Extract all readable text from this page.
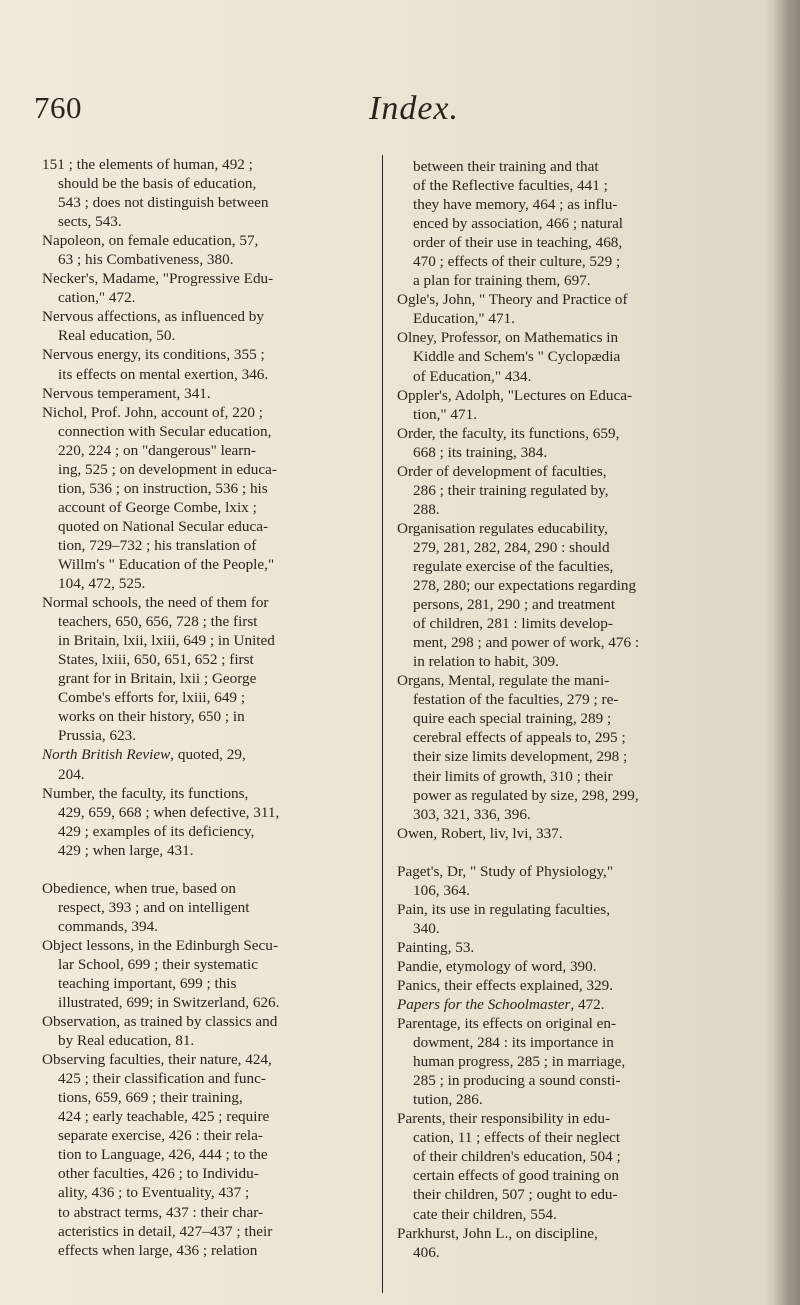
760	Index.
151 ; the elements of human, 492 ;
should be the basis of education,
543 ; does not distinguish between
sects, 543.
Napoleon, on female education, 57,
63 ; his Combativeness, 380.
Necker's, Madame, "Progressive Edu-
cation," 472.
Nervous affections, as influenced by
Real education, 50.
Nervous energy, its conditions, 355 ;
its effects on mental exertion, 346.
Nervous temperament, 341.
Nichol, Prof. John, account of, 220 ;
connection with Secular education,
220, 224 ; on "dangerous" learn-
ing, 525 ; on development in educa-
tion, 536 ; on instruction, 536 ; his
account of George Combe, lxix ;
quoted on National Secular educa-
tion, 729–732 ; his translation of
Willm's " Education of the People,"
104, 472, 525.
Normal schools, the need of them for
teachers, 650, 656, 728 ; the first
in Britain, lxii, lxiii, 649 ; in United
States, lxiii, 650, 651, 652 ; first
grant for in Britain, lxii ; George
Combe's efforts for, lxiii, 649 ;
works on their history, 650 ; in
Prussia, 623.
North British Review, quoted, 29,
204.
Number, the faculty, its functions,
429, 659, 668 ; when defective, 311,
429 ; examples of its deficiency,
429 ; when large, 431.
Obedience, when true, based on
respect, 393 ; and on intelligent
commands, 394.
Object lessons, in the Edinburgh Secu-
lar School, 699 ; their systematic
teaching important, 699 ; this
illustrated, 699; in Switzerland, 626.
Observation, as trained by classics and
by Real education, 81.
Observing faculties, their nature, 424,
425 ; their classification and func-
tions, 659, 669 ; their training,
424 ; early teachable, 425 ; require
separate exercise, 426 : their rela-
tion to Language, 426, 444 ; to the
other faculties, 426 ; to Individu-
ality, 436 ; to Eventuality, 437 ;
to abstract terms, 437 : their char-
acteristics in detail, 427–437 ; their
effects when large, 436 ; relation
between their training and that
of the Reflective faculties, 441 ;
they have memory, 464 ; as influ-
enced by association, 466 ; natural
order of their use in teaching, 468,
470 ; effects of their culture, 529 ;
a plan for training them, 697.
Ogle's, John, " Theory and Practice of
Education," 471.
Olney, Professor, on Mathematics in
Kiddle and Schem's " Cyclopædia
of Education," 434.
Oppler's, Adolph, "Lectures on Educa-
tion," 471.
Order, the faculty, its functions, 659,
668 ; its training, 384.
Order of development of faculties,
286 ; their training regulated by,
288.
Organisation regulates educability,
279, 281, 282, 284, 290 : should
regulate exercise of the faculties,
278, 280; our expectations regarding
persons, 281, 290 ; and treatment
of children, 281 : limits develop-
ment, 298 ; and power of work, 476 :
in relation to habit, 309.
Organs, Mental, regulate the mani-
festation of the faculties, 279 ; re-
quire each special training, 289 ;
cerebral effects of appeals to, 295 ;
their size limits development, 298 ;
their limits of growth, 310 ; their
power as regulated by size, 298, 299,
303, 321, 336, 396.
Owen, Robert, liv, lvi, 337.
Paget's, Dr, " Study of Physiology,"
106, 364.
Pain, its use in regulating faculties,
340.
Painting, 53.
Pandie, etymology of word, 390.
Panics, their effects explained, 329.
Papers for the Schoolmaster, 472.
Parentage, its effects on original en-
dowment, 284 : its importance in
human progress, 285 ; in marriage,
285 ; in producing a sound consti-
tution, 286.
Parents, their responsibility in edu-
cation, 11 ; effects of their neglect
of their children's education, 504 ;
certain effects of good training on
their children, 507 ; ought to edu-
cate their children, 554.
Parkhurst, John L., on discipline,
406.
